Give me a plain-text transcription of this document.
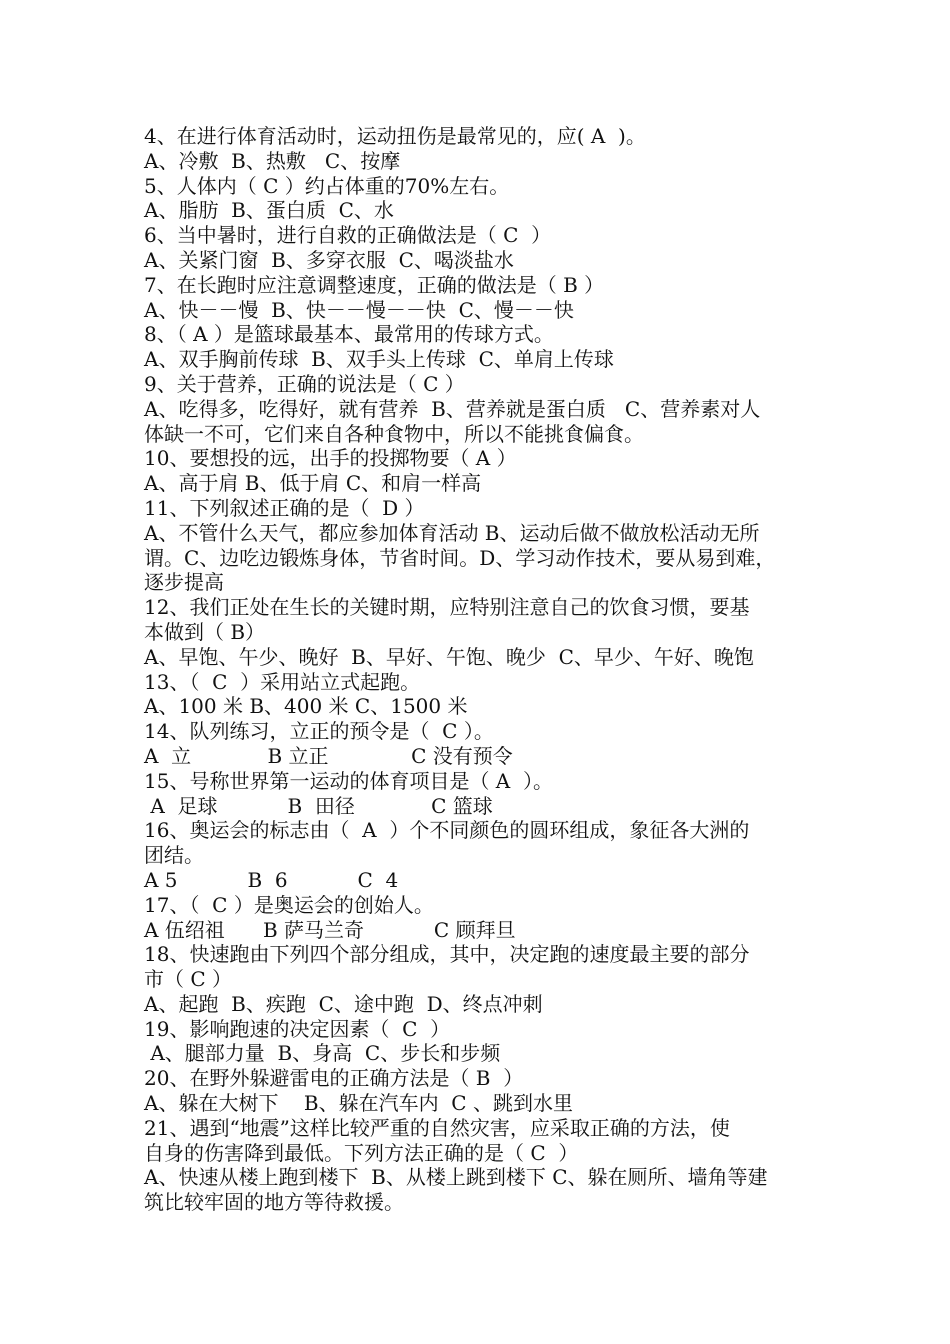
4、在进行体育活动时，运动扭伤是最常见的，应( A  )。
A、冷敷  B、热敷   C、按摩
5、人体内（ C ）约占体重的70%左右。
A、脂肪  B、蛋白质  C、水
6、当中暑时，进行自救的正确做法是（ C  ）
A、关紧门窗  B、多穿衣服  C、喝淡盐水
7、在长跑时应注意调整速度，正确的做法是（ B ）
A、快－－慢  B、快－－慢－－快  C、慢－－快
8、（ A ）是篮球最基本、最常用的传球方式。
A、双手胸前传球  B、双手头上传球  C、单肩上传球
9、关于营养，正确的说法是（ C ）
A、吃得多，吃得好，就有营养  B、营养就是蛋白质   C、营养素对人
体缺一不可，它们来自各种食物中，所以不能挑食偏食。
10、要想投的远，出手的投掷物要（ A ）
A、高于肩 B、低于肩 C、和肩一样高
11、下列叙述正确的是（  D ）
A、不管什么天气，都应参加体育活动 B、运动后做不做放松活动无所
谓。C、边吃边锻炼身体，节省时间。D、学习动作技术，要从易到难，
逐步提高
12、我们正处在生长的关键时期，应特别注意自己的饮食习惯，要基
本做到（ B）
A、早饱、午少、晚好  B、早好、午饱、晚少  C、早少、午好、晚饱
13、（  C  ）采用站立式起跑。
A、100 米 B、400 米 C、1500 米
14、队列练习，立正的预令是（  C ）。
A  立            B 立正             C 没有预令
15、号称世界第一运动的体育项目是（ A  ）。
A  足球           B  田径            C 篮球
16、奥运会的标志由（  A  ）个不同颜色的圆环组成，象征各大洲的
团结。
A 5           B  6           C  4
17、（  C ）是奥运会的创始人。
A 伍绍祖      B 萨马兰奇           C 顾拜旦
18、快速跑由下列四个部分组成，其中，决定跑的速度最主要的部分
市（ C ）
A、起跑  B、疾跑  C、途中跑  D、终点冲刺
19、影响跑速的决定因素（  C  ）
A、腿部力量  B、身高  C、步长和步频
20、在野外躲避雷电的正确方法是（ B  ）
A、躲在大树下    B、躲在汽车内  C 、跳到水里
21、遇到“地震”这样比较严重的自然灾害，应采取正确的方法，使
自身的伤害降到最低。下列方法正确的是（ C  ）
A、快速从楼上跑到楼下  B、从楼上跳到楼下 C、躲在厕所、墙角等建
筑比较牢固的地方等待救援。
